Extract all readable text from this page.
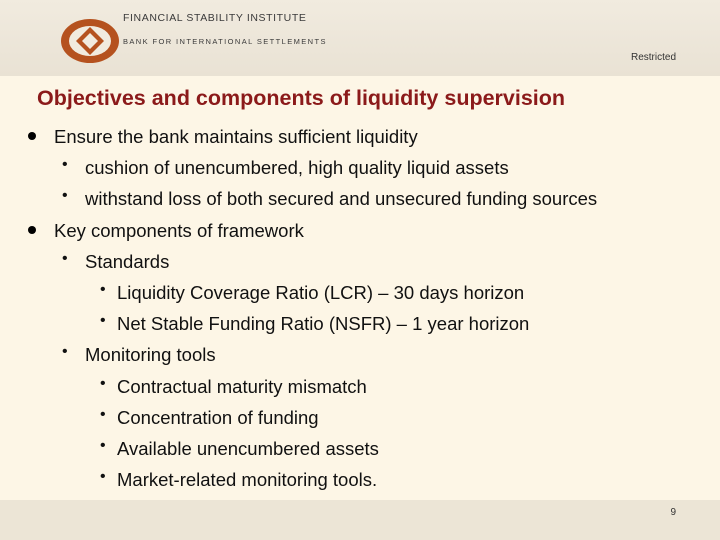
FINANCIAL STABILITY INSTITUTE
BANK FOR INTERNATIONAL SETTLEMENTS
Restricted
Objectives and components of liquidity supervision
Ensure the bank maintains sufficient liquidity
• cushion of unencumbered, high quality liquid assets
• withstand loss of both secured and unsecured funding sources
Key components of framework
• Standards
• Liquidity Coverage Ratio (LCR) – 30 days horizon
• Net Stable Funding Ratio (NSFR) – 1 year horizon
• Monitoring tools
• Contractual maturity mismatch
• Concentration of funding
• Available unencumbered assets
• Market-related monitoring tools.
9
